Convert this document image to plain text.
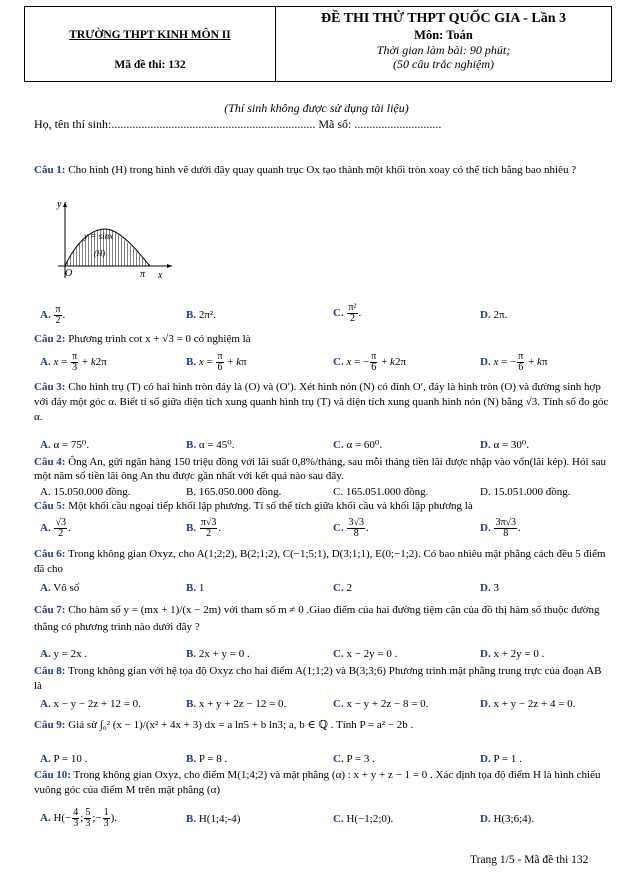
TRƯỜNG THPT KINH MÔN II
Mã đề thi: 132
ĐỀ THI THỬ THPT QUỐC GIA - Lần 3
Môn: Toán
Thời gian làm bài: 90 phút;
(50 câu trắc nghiệm)
(Thí sinh không được sử dụng tài liệu)
Họ, tên thí sinh:.................................................................... Mã số: .............................
Câu 1: Cho hình (H) trong hình vẽ dưới đây quay quanh trục Ox tạo thành một khối tròn xoay có thể tích bằng bao nhiêu ?
y
x
O	π
y = sinx
(H)
A. $\frac{\pi}{2}$ .	B. 2π².	C. $\frac{\text{π²}}{2}$ .	D. 2π.
Câu 2: Phương trình cot x + √3 = 0 có nghiệm là
A. $x = \frac{\pi}{3} + k2\pi$	B. $x = \frac{\pi}{6} + k\pi$	C. x = − $\frac{\pi}{6} + k2\pi$	D. x = − $\frac{\pi}{6} + k\pi$
Câu 3: Cho hình trụ (T) có hai hình tròn đáy là (O) và (O′). Xét hình nón (N) có đỉnh O′, đáy là hình tròn (O) và đường sinh hợp với đáy một góc α. Biết tỉ số giữa diện tích xung quanh hình trụ (T) và diện tích xung quanh hình nón (N) bằng √3. Tính số đo góc α.
A. α = 75⁰.	B. α = 45⁰.	C. α = 60⁰.	D. α = 30⁰.
Câu 4: Ông An, gửi ngân hàng 150 triệu đồng với lãi suất 0,8%/tháng, sau mỗi tháng tiền lãi được nhập vào vốn(lãi kép). Hỏi sau một năm số tiền lãi ông An thu được gần nhất với kết quả nào sau đây.
A. 15.050.000 đồng.	B. 165.050.000 đồng.	C. 165.051.000 đồng.	D. 15.051.000 đồng.
Câu 5: Một khối cầu ngoại tiếp khối lập phương. Tỉ số thể tích giữa khối cầu và khối lập phương là
A. $\frac{√3}{2}$ .	B. $\frac{\pi√3}{2}$ .	C. $\frac{3√3}{8}$ .	D. $\frac{3\pi√3}{8}$ .
Câu 6: Trong không gian Oxyz, cho A(1;2;2), B(2;1;2), C(−1;5;1), D(3;1;1), E(0;−1;2). Có bao nhiêu mặt phẳng cách đều 5 điểm đã cho
A. Vô số	B. 1	C. 2	D. 3
Câu 7: Cho hàm số y = (mx + 1)/(x − 2m) với tham số m ≠ 0 .Giao điểm của hai đường tiệm cận của đồ thị hàm số thuộc đường thẳng có phương trình nào dưới đây ?
A. y = 2x .	B. 2x + y = 0 .	C. x − 2y = 0 .	D. x + 2y = 0 .
Câu 8: Trong không gian với hệ tọa độ Oxyz cho hai điểm A(1;1;2) và B(3;3;6) Phương trình mặt phẳng trung trực của đoạn AB là
A. x − y − 2z + 12 = 0.	B. x + y + 2z − 12 = 0.	C. x − y + 2z − 8 = 0.	D. x + y − 2z + 4 = 0.
Câu 9: Giả sử ∫₀² (x − 1)/(x² + 4x + 3) dx = a ln5 + b ln3; a, b ∈ ℚ . Tính P = a² − 2b .
A. P = 10 .	B. P = 8 .	C. P = 3 .	D. P = 1 .
Câu 10: Trong không gian Oxyz, cho điểm M(1;4;2) và mặt phẳng (α) : x + y + z − 1 = 0 . Xác định tọa độ điểm H là hình chiếu vuông góc của điểm M trên mặt phẳng (α)
A. $H(- \frac{4}{3}$ ; $\frac{5}{3}$ ;− $\frac{1}{3}$ ).	B. H(1;4;-4)	C. H(−1;2;0).	D. H(3;6;4).
Trang 1/5 - Mã đề thi 132
